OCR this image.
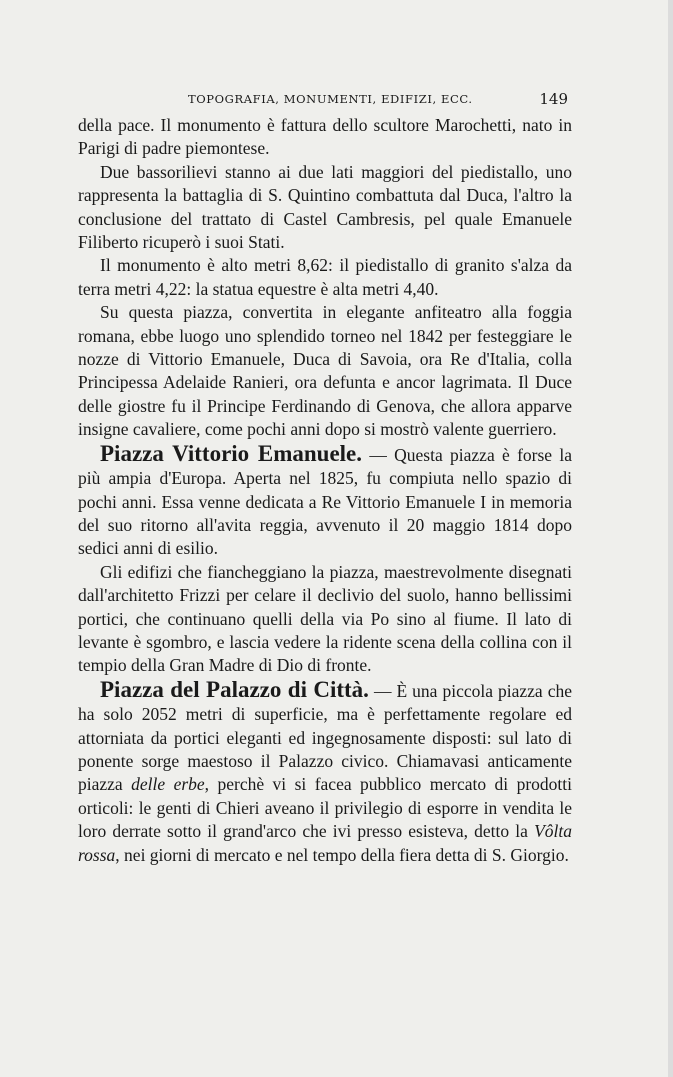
TOPOGRAFIA, MONUMENTI, EDIFIZI, ECC.	149

della pace. Il monumento è fattura dello scultore Marochetti, nato in Parigi di padre piemontese.

Due bassorilievi stanno ai due lati maggiori del piedistallo, uno rappresenta la battaglia di S. Quintino combattuta dal Duca, l'altro la conclusione del trattato di Castel Cambresis, pel quale Emanuele Filiberto ricuperò i suoi Stati.

Il monumento è alto metri 8,62: il piedistallo di granito s'alza da terra metri 4,22: la statua equestre è alta metri 4,40.

Su questa piazza, convertita in elegante anfiteatro alla foggia romana, ebbe luogo uno splendido torneo nel 1842 per festeggiare le nozze di Vittorio Emanuele, Duca di Savoia, ora Re d'Italia, colla Principessa Adelaide Ranieri, ora defunta e ancor lagrimata. Il Duce delle giostre fu il Principe Ferdinando di Genova, che allora apparve insigne cavaliere, come pochi anni dopo si mostrò valente guerriero.

Piazza Vittorio Emanuele. — Questa piazza è forse la più ampia d'Europa. Aperta nel 1825, fu compiuta nello spazio di pochi anni. Essa venne dedicata a Re Vittorio Emanuele I in memoria del suo ritorno all'avita reggia, avvenuto il 20 maggio 1814 dopo sedici anni di esilio.

Gli edifizi che fiancheggiano la piazza, maestrevolmente disegnati dall'architetto Frizzi per celare il declivio del suolo, hanno bellissimi portici, che continuano quelli della via Po sino al fiume. Il lato di levante è sgombro, e lascia vedere la ridente scena della collina con il tempio della Gran Madre di Dio di fronte.

Piazza del Palazzo di Città. — È una piccola piazza che ha solo 2052 metri di superficie, ma è perfettamente regolare ed attorniata da portici eleganti ed ingegnosamente disposti: sul lato di ponente sorge maestoso il Palazzo civico. Chiamavasi anticamente piazza delle erbe, perchè vi si facea pubblico mercato di prodotti orticoli: le genti di Chieri aveano il privilegio di esporre in vendita le loro derrate sotto il grand'arco che ivi presso esisteva, detto la Vôlta rossa, nei giorni di mercato e nel tempo della fiera detta di S. Giorgio.
